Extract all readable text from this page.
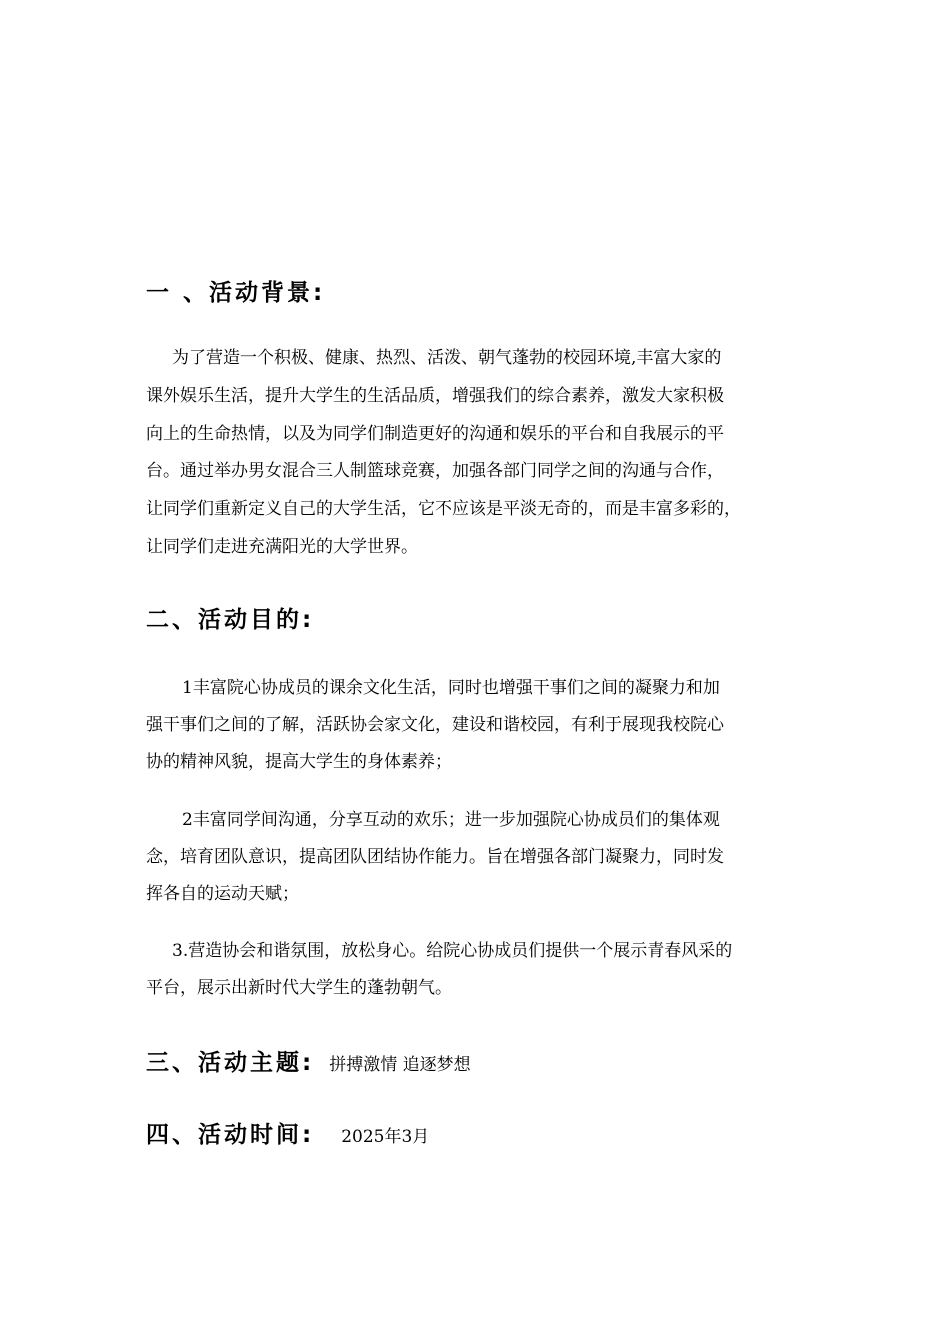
一 、活动背景:
为了营造一个积极、健康、热烈、活泼、朝气蓬勃的校园环境,丰富大家的
课外娱乐生活，提升大学生的生活品质，增强我们的综合素养，激发大家积极
向上的生命热情，以及为同学们制造更好的沟通和娱乐的平台和自我展示的平
台。通过举办男女混合三人制篮球竞赛，加强各部门同学之间的沟通与合作，
让同学们重新定义自己的大学生活，它不应该是平淡无奇的，而是丰富多彩的，
让同学们走进充满阳光的大学世界。
二、活动目的:
1丰富院心协成员的课余文化生活，同时也增强干事们之间的凝聚力和加
强干事们之间的了解，活跃协会家文化，建设和谐校园，有利于展现我校院心
协的精神风貌，提高大学生的身体素养；
2丰富同学间沟通，分享互动的欢乐；进一步加强院心协成员们的集体观
念，培育团队意识，提高团队团结协作能力。旨在增强各部门凝聚力，同时发
挥各自的运动天赋；
3.营造协会和谐氛围，放松身心。给院心协成员们提供一个展示青春风采的
平台，展示出新时代大学生的蓬勃朝气。
三、活动主题: 拼搏激情 追逐梦想
四、活动时间: 2025年3月
